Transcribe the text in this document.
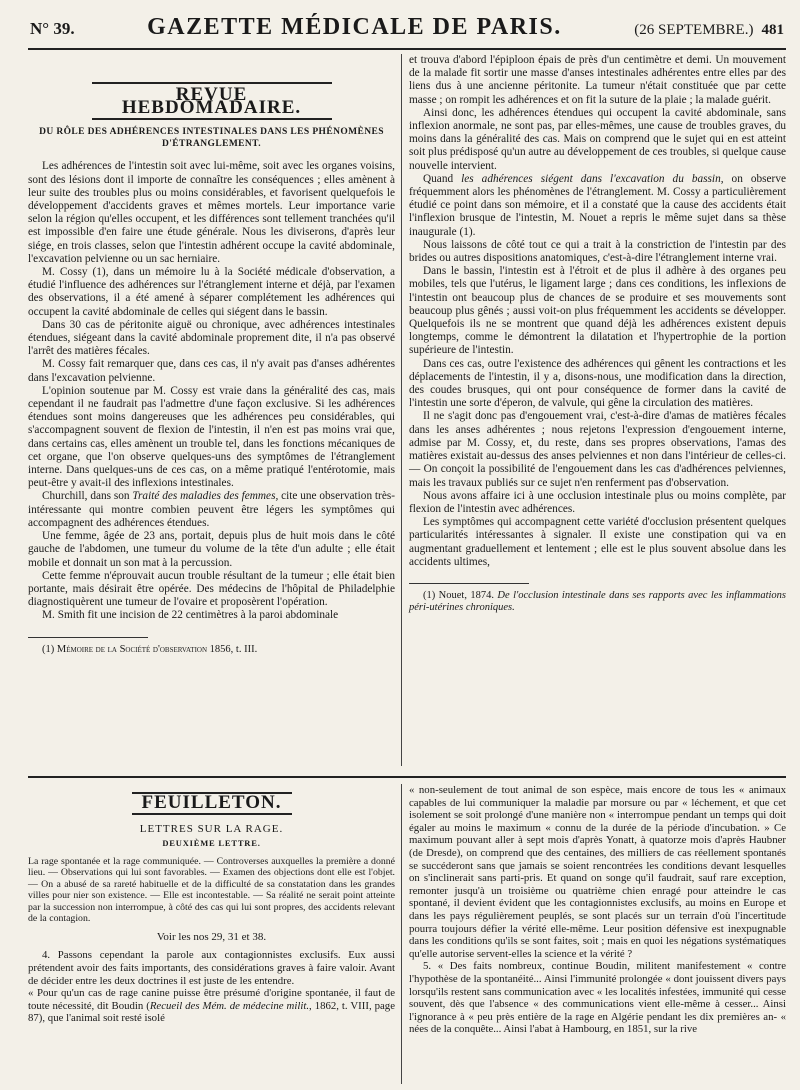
N° 39.	GAZETTE MÉDICALE DE PARIS.	(26 SEPTEMBRE.) 481
REVUE HEBDOMADAIRE.
DU RÔLE DES ADHÉRENCES INTESTINALES DANS LES PHÉNOMÈNES D'ÉTRANGLEMENT.

Les adhérences de l'intestin soit avec lui-même, soit avec les organes voisins, sont des lésions dont il importe de connaître les conséquences ; elles amènent à leur suite des troubles plus ou moins considérables, et favorisent quelquefois le développement d'accidents graves et mêmes mortels. Leur importance varie selon la région qu'elles occupent, et les différences sont tellement tranchées qu'il est impossible d'en faire une étude générale. Nous les diviserons, d'après leur siége, en trois classes, selon que l'intestin adhérent occupe la cavité abdominale, l'excavation pelvienne ou un sac herniaire.

M. Cossy (1), dans un mémoire lu à la Société médicale d'observation, a étudié l'influence des adhérences sur l'étranglement interne et déjà, par l'examen des observations, il a été amené à séparer complétement les adhérences qui occupent la cavité abdominale de celles qui siégent dans le bassin.

Dans 30 cas de péritonite aiguë ou chronique, avec adhérences intestinales étendues, siégeant dans la cavité abdominale proprement dite, il n'a pas observé l'arrêt des matières fécales.

M. Cossy fait remarquer que, dans ces cas, il n'y avait pas d'anses adhérentes dans l'excavation pelvienne.

L'opinion soutenue par M. Cossy est vraie dans la généralité des cas, mais cependant il ne faudrait pas l'admettre d'une façon exclusive. Si les adhérences étendues sont moins dangereuses que les adhérences peu considérables, qui s'accompagnent souvent de flexion de l'intestin, il n'en est pas moins vrai que, dans certains cas, elles amènent un trouble tel, dans les fonctions mécaniques de cet organe, que l'on observe quelques-uns des symptômes de l'étranglement interne. Dans quelques-uns de ces cas, on a même pratiqué l'entérotomie, mais peut-être y avait-il des inflexions intestinales.

Churchill, dans son Traité des maladies des femmes, cite une observation très-intéressante qui montre combien peuvent être légers les symptômes qui accompagnent des adhérences étendues.

Une femme, âgée de 23 ans, portait, depuis plus de huit mois dans le côté gauche de l'abdomen, une tumeur du volume de la tête d'un adulte ; elle était mobile et donnait un son mat à la percussion.

Cette femme n'éprouvait aucun trouble résultant de la tumeur ; elle était bien portante, mais désirait être opérée. Des médecins de l'hôpital de Philadelphie diagnostiquèrent une tumeur de l'ovaire et proposèrent l'opération.

M. Smith fit une incision de 22 centimètres à la paroi abdominale

(1) Mémoire de la Société d'observation 1856, t. III.

et trouva d'abord l'épiploon épais de près d'un centimètre et demi. Un mouvement de la malade fit sortir une masse d'anses intestinales adhérentes entre elles par des liens dus à une ancienne péritonite. La tumeur n'était constituée que par cette masse ; on rompit les adhérences et on fit la suture de la plaie ; la malade guérit.

Ainsi donc, les adhérences étendues qui occupent la cavité abdominale, sans inflexion anormale, ne sont pas, par elles-mêmes, une cause de troubles graves, du moins dans la généralité des cas. Mais on comprend que le sujet qui en est atteint soit plus prédisposé qu'un autre au développement de ces troubles, si quelque cause nouvelle intervient.

Quand les adhérences siégent dans l'excavation du bassin, on observe fréquemment alors les phénomènes de l'étranglement. M. Cossy a particulièrement étudié ce point dans son mémoire, et il a constaté que la cause des accidents était l'inflexion brusque de l'intestin, M. Nouet a repris le même sujet dans sa thèse inaugurale (1).

Nous laissons de côté tout ce qui a trait à la constriction de l'intestin par des brides ou autres dispositions anatomiques, c'est-à-dire l'étranglement interne vrai.

Dans le bassin, l'intestin est à l'étroit et de plus il adhère à des organes peu mobiles, tels que l'utérus, le ligament large ; dans ces conditions, les inflexions de l'intestin ont beaucoup plus de chances de se produire et ses mouvements sont beaucoup plus gênés ; aussi voit-on plus fréquemment les accidents se développer. Quelquefois ils ne se montrent que quand déjà les adhérences existent depuis longtemps, comme le démontrent la dilatation et l'hypertrophie de la portion supérieure de l'intestin.

Dans ces cas, outre l'existence des adhérences qui gênent les contractions et les déplacements de l'intestin, il y a, disons-nous, une modification dans la direction, des coudes brusques, qui ont pour conséquence de former dans la cavité de l'intestin une sorte d'éperon, de valvule, qui gêne la circulation des matières.

Il ne s'agit donc pas d'engouement vrai, c'est-à-dire d'amas de matières fécales dans les anses adhérentes ; nous rejetons l'expression d'engouement interne, admise par M. Cossy, et, du reste, dans ses propres observations, l'amas des matières existait au-dessus des anses pelviennes et non dans l'intérieur de celles-ci. — On conçoit la possibilité de l'engouement dans les cas d'adhérences pelviennes, mais les travaux publiés sur ce sujet n'en renferment pas d'observation.

Nous avons affaire ici à une occlusion intestinale plus ou moins complète, par flexion de l'intestin avec adhérences.

Les symptômes qui accompagnent cette variété d'occlusion présentent quelques particularités intéressantes à signaler. Il existe une constipation qui va en augmentant graduellement et lentement ; elle est le plus souvent absolue dans les accidents ultimes,

(1) Nouet, 1874. De l'occlusion intestinale dans ses rapports avec les inflammations péri-utérines chroniques.

FEUILLETON.
LETTRES SUR LA RAGE.
DEUXIÈME LETTRE.

La rage spontanée et la rage communiquée. — Controverses auxquelles la première a donné lieu. — Observations qui lui sont favorables. — Examen des objections dont elle est l'objet. — On a abusé de sa rareté habituelle et de la difficulté de sa constatation dans les grandes villes pour nier son existence. — Elle est incontestable. — Sa réalité ne serait point atteinte par la succession non interrompue, à côté des cas qui lui sont propres, des accidents relevant de la contagion.

Voir les nos 29, 31 et 38.

4. Passons cependant la parole aux contagionnistes exclusifs. Eux aussi prétendent avoir des faits importants, des considérations graves à faire valoir. Avant de décider entre les deux doctrines il est juste de les entendre.

« Pour qu'un cas de rage canine puisse être présumé d'origine spontanée, il faut de toute nécessité, dit Boudin (Recueil des Mém. de médecine milit., 1862, t. VIII, page 87), que l'animal soit resté isolé

« non-seulement de tout animal de son espèce, mais encore de tous les « animaux capables de lui communiquer la maladie par morsure ou par « léchement, et que cet isolement se soit prolongé d'une manière non « interrompue pendant un temps qui doit égaler au moins le maximum « connu de la durée de la période d'incubation. » Ce maximum pouvant aller à sept mois d'après Yonatt, à quatorze mois d'après Haubner (de Dresde), on comprend que des centaines, des milliers de cas réellement spontanés se succéderont sans que jamais se soient rencontrées les conditions devant lesquelles on s'inclinerait sans parti-pris. Et quand on songe qu'il faudrait, sauf rare exception, remonter jusqu'à un troisième ou quatrième chien enragé pour atteindre le cas spontané, il devient évident que les contagionnistes exclusifs, au moins en Europe et dans les pays régulièrement peuplés, se sont placés sur un terrain d'où l'incertitude pourra toujours défier la vérité elle-même. Leur position défensive est inexpugnable dans les conditions qu'ils se sont faites, soit ; mais en quoi les négations systématiques qu'elle autorise servent-elles la science et la vérité ?

5. « Des faits nombreux, continue Boudin, militent manifestement « contre l'hypothèse de la spontanéité... Ainsi l'immunité prolongée « dont jouissent divers pays lorsqu'ils restent sans communication avec « les localités infestées, immunité qui cesse souvent, dès que l'absence « des communications vient elle-même à cesser... Ainsi l'ignorance à « peu près entière de la rage en Algérie pendant les dix premières an- « nées de la conquête... Ainsi l'abat à Hambourg, en 1851, sur la rive
